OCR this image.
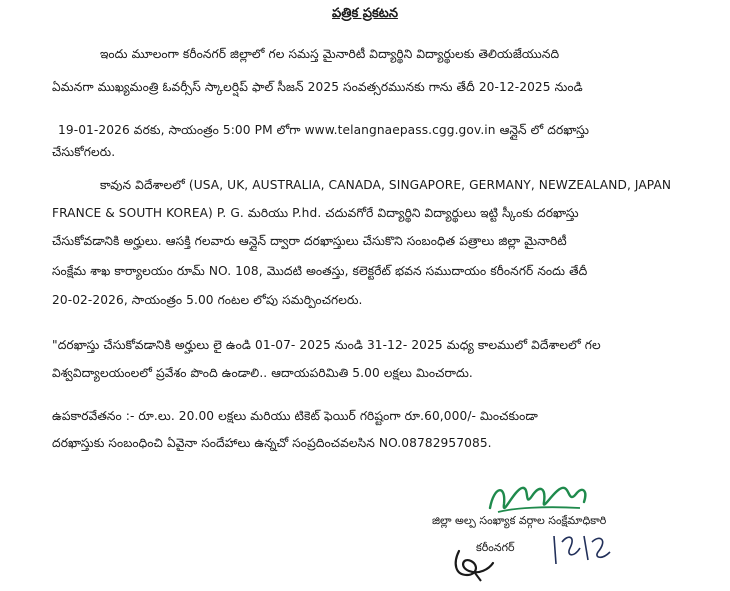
పత్రిక ప్రకటన
ఇందు మూలంగా కరీంనగర్ జిల్లాలో గల సమస్త మైనారిటీ విద్యార్థిని విద్యార్థులకు తెలియజేయునది
ఏమనగా ముఖ్యమంత్రి ఓవర్సీస్ స్కాలర్షిప్ ఫాల్ సీజన్ 2025 సంవత్సరమునకు గాను తేదీ 20-12-2025 నుండి
19-01-2026 వరకు, సాయంత్రం 5:00 PM లోగా www.telangnaepass.cgg.gov.in ఆన్లైన్ లో దరఖాస్తు
చేసుకోగలరు.
కావున విదేశాలలో (USA, UK, AUSTRALIA, CANADA, SINGAPORE, GERMANY, NEWZEALAND, JAPAN
FRANCE & SOUTH KOREA) P. G. మరియు P.hd. చదువగోరే విద్యార్థిని విద్యార్థులు ఇట్టి స్కీంకు దరఖాస్తు
చేసుకోవడానికి అర్హులు. ఆసక్తి గలవారు ఆన్లైన్ ద్వారా దరఖాస్తులు చేసుకొని సంబంధిత పత్రాలు జిల్లా మైనారిటీ
సంక్షేమ శాఖ కార్యాలయం రూమ్ NO. 108, మొదటి అంతస్తు, కలెక్టరేట్ భవన సముదాయం కరీంనగర్ నందు తేదీ
20-02-2026, సాయంత్రం 5.00 గంటల లోపు సమర్పించగలరు.
"దరఖాస్తు చేసుకోవడానికి అర్హులు లై ఉండి 01-07- 2025 నుండి 31-12- 2025 మధ్య కాలములో విదేశాలలో గల
విశ్వవిద్యాలయంలలో ప్రవేశం పొంది ఉండాలి.. ఆదాయపరిమితి 5.00 లక్షలు మించరాదు.
ఉపకారవేతనం :- రూ.లు. 20.00 లక్షలు మరియు టికెట్ ఫెయిర్ గరిష్టంగా రూ.60,000/- మించకుండా
దరఖాస్తుకు సంబంధించి ఏవైనా సందేహాలు ఉన్నచో సంప్రదించవలసిన NO.08782957085.
జిల్లా అల్ప సంఖ్యాక వర్గాల సంక్షేమాధికారి
కరీంనగర్
